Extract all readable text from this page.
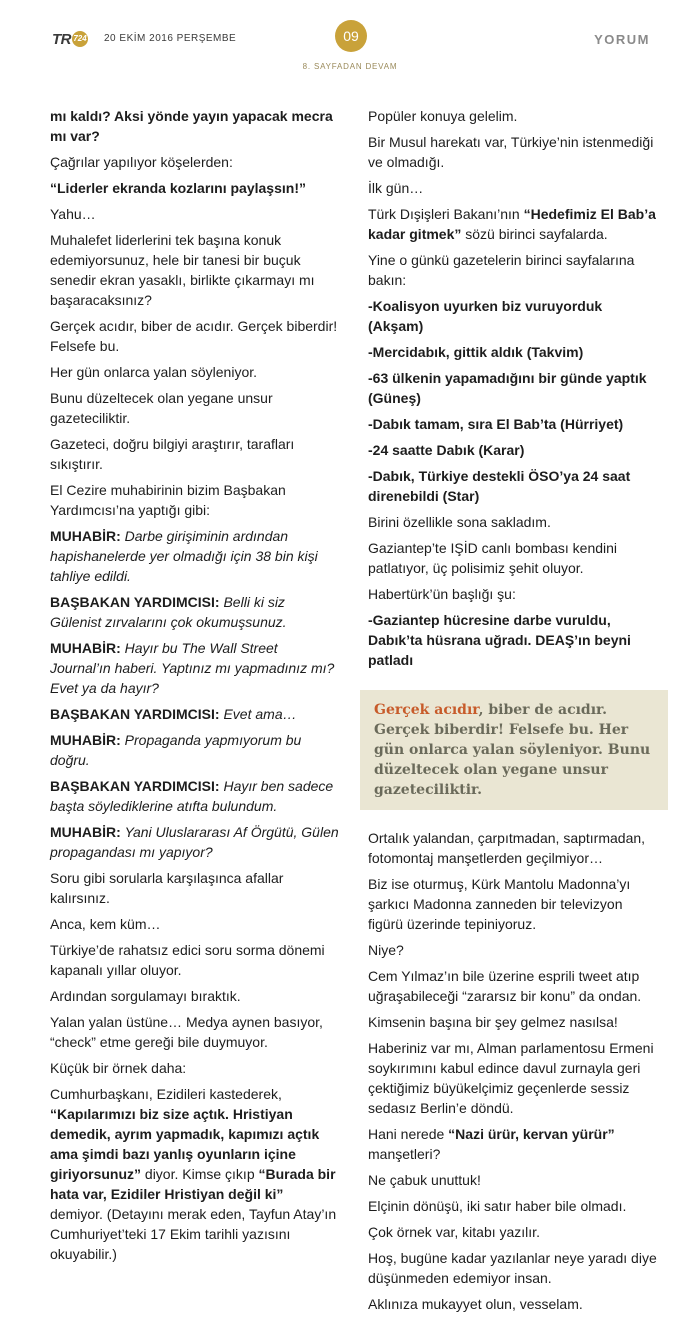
TR 724 20 EKİM 2016 PERŞEMBE	09	YORUM
8. SAYFADAN DEVAM

mı kaldı? Aksi yönde yayın yapacak mecra mı var?

Çağrılar yapılıyor köşelerden:

“Liderler ekranda kozlarını paylaşsın!”

Yahu…

Muhalefet liderlerini tek başına konuk edemiyorsunuz, hele bir tanesi bir buçuk senedir ekran yasaklı, birlikte çıkarmayı mı başaracaksınız?

Gerçek acıdır, biber de acıdır. Gerçek biberdir! Felsefe bu.

Her gün onlarca yalan söyleniyor.

Bunu düzeltecek olan yegane unsur gazeteciliktir.

Gazeteci, doğru bilgiyi araştırır, tarafları sıkıştırır.

El Cezire muhabirinin bizim Başbakan Yardımcısı’na yaptığı gibi:

MUHABİR: Darbe girişiminin ardından hapishanelerde yer olmadığı için 38 bin kişi tahliye edildi.

BAŞBAKAN YARDIMCISI: Belli ki siz Gülenist zırvalarını çok okumuşsunuz.

MUHABİR: Hayır bu The Wall Street Journal’ın haberi. Yaptınız mı yapmadınız mı? Evet ya da hayır?

BAŞBAKAN YARDIMCISI: Evet ama…

MUHABİR: Propaganda yapmıyorum bu doğru.

BAŞBAKAN YARDIMCISI: Hayır ben sadece başta söylediklerine atıfta bulundum.

MUHABİR: Yani Uluslararası Af Örgütü, Gülen propagandası mı yapıyor?

Soru gibi sorularla karşılaşınca afallar kalırsınız.

Anca, kem küm…

Türkiye’de rahatsız edici soru sorma dönemi kapanalı yıllar oluyor.

Ardından sorgulamayı bıraktık.

Yalan yalan üstüne… Medya aynen basıyor, “check” etme gereği bile duymuyor.

Küçük bir örnek daha:

Cumhurbaşkanı, Ezidileri kastederek, “Kapılarımızı biz size açtık. Hristiyan demedik, ayrım yapmadık, kapımızı açtık ama şimdi bazı yanlış oyunların içine giriyorsunuz” diyor. Kimse çıkıp “Burada bir hata var, Ezidiler Hristiyan değil ki” demiyor. (Detayını merak eden, Tayfun Atay’ın Cumhuriyet’teki 17 Ekim tarihli yazısını okuyabilir.)

Popüler konuya gelelim.

Bir Musul harekatı var, Türkiye’nin istenmediği ve olmadığı.

İlk gün…

Türk Dışişleri Bakanı’nın “Hedefimiz El Bab’a kadar gitmek” sözü birinci sayfalarda.

Yine o günkü gazetelerin birinci sayfalarına bakın:

-Koalisyon uyurken biz vuruyorduk (Akşam)

-Mercidabık, gittik aldık (Takvim)

-63 ülkenin yapamadığını bir günde yaptık (Güneş)

-Dabık tamam, sıra El Bab’ta (Hürriyet)

-24 saatte Dabık (Karar)

-Dabık, Türkiye destekli ÖSO’ya 24 saat direnebildi (Star)

Birini özellikle sona sakladım.

Gaziantep’te IŞİD canlı bombası kendini patlatıyor, üç polisimiz şehit oluyor.

Habertürk’ün başlığı şu:

-Gaziantep hücresine darbe vuruldu, Dabık’ta hüsrana uğradı. DEAŞ’ın beyni patladı

Gerçek acıdır, biber de acıdır. Gerçek biberdir! Felsefe bu. Her gün onlarca yalan söyleniyor. Bunu düzeltecek olan yegane unsur gazeteciliktir.

Ortalık yalandan, çarpıtmadan, saptırmadan, fotomontaj manşetlerden geçilmiyor…

Biz ise oturmuş, Kürk Mantolu Madonna’yı şarkıcı Madonna zanneden bir televizyon figürü üzerinde tepiniyoruz.

Niye?

Cem Yılmaz’ın bile üzerine esprili tweet atıp uğraşabileceği “zararsız bir konu” da ondan.

Kimsenin başına bir şey gelmez nasılsa!

Haberiniz var mı, Alman parlamentosu Ermeni soykırımını kabul edince davul zurnayla geri çektiğimiz büyükelçimiz geçenlerde sessiz sedasız Berlin’e döndü.

Hani nerede “Nazi ürür, kervan yürür” manşetleri?

Ne çabuk unuttuk!

Elçinin dönüşü, iki satır haber bile olmadı.

Çok örnek var, kitabı yazılır.

Hoş, bugüne kadar yazılanlar neye yaradı diye düşünmeden edemiyor insan.

Aklınıza mukayyet olun, vesselam.
